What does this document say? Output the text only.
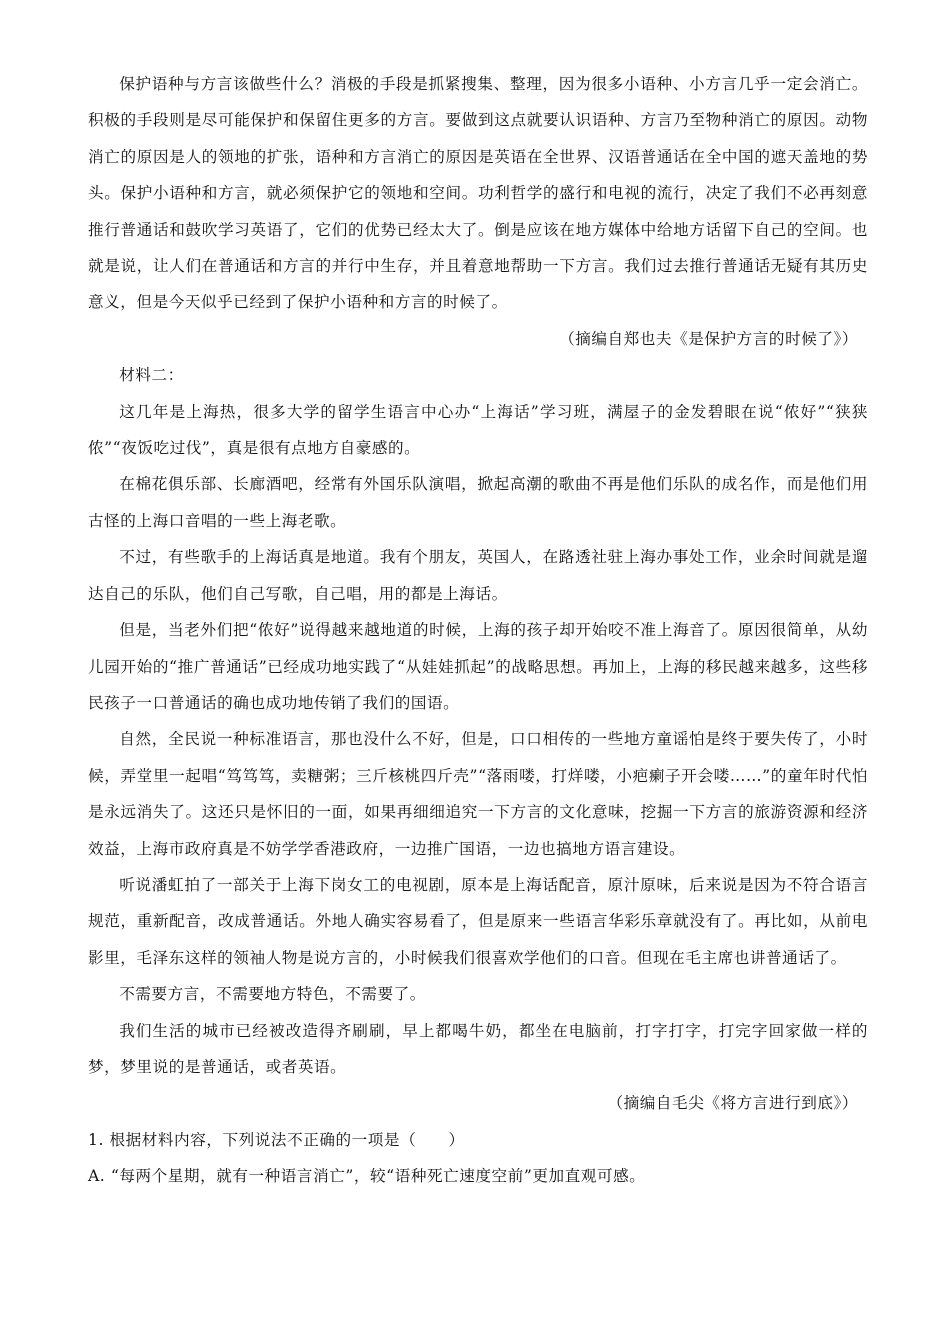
保护语种与方言该做些什么？消极的手段是抓紧搜集、整理，因为很多小语种、小方言几乎一定会消亡。积极的手段则是尽可能保护和保留住更多的方言。要做到这点就要认识语种、方言乃至物种消亡的原因。动物消亡的原因是人的领地的扩张，语种和方言消亡的原因是英语在全世界、汉语普通话在全中国的遮天盖地的势头。保护小语种和方言，就必须保护它的领地和空间。功利哲学的盛行和电视的流行，决定了我们不必再刻意推行普通话和鼓吹学习英语了，它们的优势已经太大了。倒是应该在地方媒体中给地方话留下自己的空间。也就是说，让人们在普通话和方言的并行中生存，并且着意地帮助一下方言。我们过去推行普通话无疑有其历史意义，但是今天似乎已经到了保护小语种和方言的时候了。

（摘编自郑也夫《是保护方言的时候了》）

材料二：

这几年是上海热，很多大学的留学生语言中心办“上海话”学习班，满屋子的金发碧眼在说“侬好”“狭狭侬”“夜饭吃过伐”，真是很有点地方自豪感的。

在棉花俱乐部、长廊酒吧，经常有外国乐队演唱，掀起高潮的歌曲不再是他们乐队的成名作，而是他们用古怪的上海口音唱的一些上海老歌。

不过，有些歌手的上海话真是地道。我有个朋友，英国人，在路透社驻上海办事处工作，业余时间就是遛达自己的乐队，他们自己写歌，自己唱，用的都是上海话。

但是，当老外们把“侬好”说得越来越地道的时候，上海的孩子却开始咬不准上海音了。原因很简单，从幼儿园开始的“推广普通话”已经成功地实践了“从娃娃抓起”的战略思想。再加上，上海的移民越来越多，这些移民孩子一口普通话的确也成功地传销了我们的国语。

自然，全民说一种标准语言，那也没什么不好，但是，口口相传的一些地方童谣怕是终于要失传了，小时候，弄堂里一起唱“笃笃笃，卖糖粥；三斤核桃四斤壳”“落雨喽，打烊喽，小疤瘌子开会喽……”的童年时代怕是永远消失了。这还只是怀旧的一面，如果再细细追究一下方言的文化意味，挖掘一下方言的旅游资源和经济效益，上海市政府真是不妨学学香港政府，一边推广国语，一边也搞地方语言建设。

听说潘虹拍了一部关于上海下岗女工的电视剧，原本是上海话配音，原汁原味，后来说是因为不符合语言规范，重新配音，改成普通话。外地人确实容易看了，但是原来一些语言华彩乐章就没有了。再比如，从前电影里，毛泽东这样的领袖人物是说方言的，小时候我们很喜欢学他们的口音。但现在毛主席也讲普通话了。

不需要方言，不需要地方特色，不需要了。

我们生活的城市已经被改造得齐刷刷，早上都喝牛奶，都坐在电脑前，打字打字，打完字回家做一样的梦，梦里说的是普通话，或者英语。

（摘编自毛尖《将方言进行到底》）

1. 根据材料内容，下列说法不正确的一项是（　　）

A. “每两个星期，就有一种语言消亡”，较“语种死亡速度空前”更加直观可感。
